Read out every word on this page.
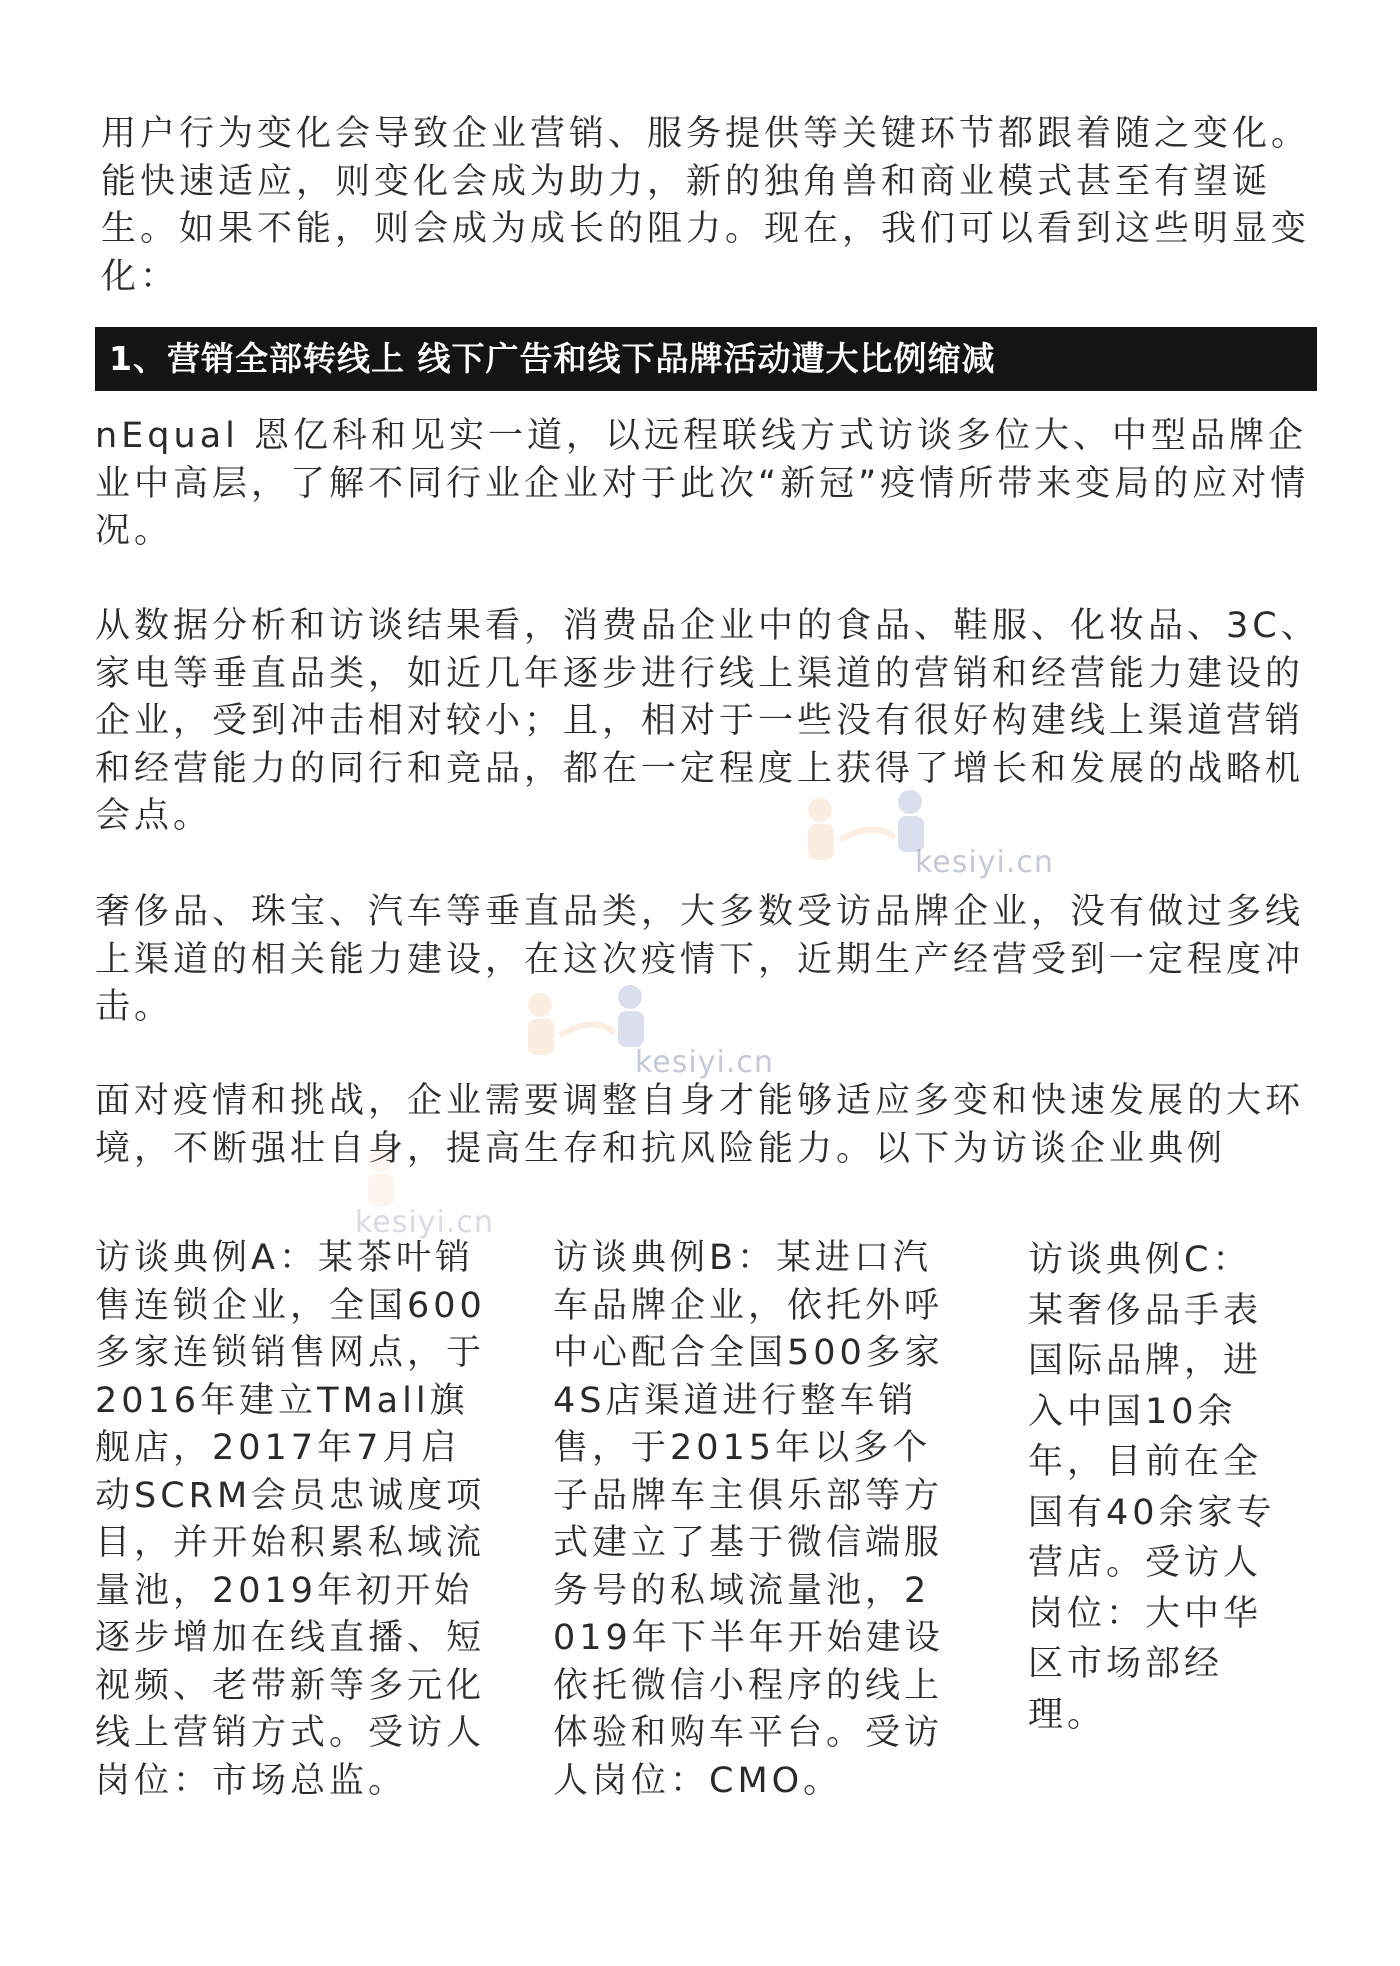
用户行为变化会导致企业营销、服务提供等关键环节都跟着随之变化。能快速适应，则变化会成为助力，新的独角兽和商业模式甚至有望诞生。如果不能，则会成为成长的阻力。现在，我们可以看到这些明显变化：

1、营销全部转线上 线下广告和线下品牌活动遭大比例缩减

nEqual 恩亿科和见实一道，以远程联线方式访谈多位大、中型品牌企业中高层，了解不同行业企业对于此次“新冠”疫情所带来变局的应对情况。

从数据分析和访谈结果看，消费品企业中的食品、鞋服、化妆品、3C、家电等垂直品类，如近几年逐步进行线上渠道的营销和经营能力建设的企业，受到冲击相对较小；且，相对于一些没有很好构建线上渠道营销和经营能力的同行和竞品，都在一定程度上获得了增长和发展的战略机会点。

奢侈品、珠宝、汽车等垂直品类，大多数受访品牌企业，没有做过多线上渠道的相关能力建设，在这次疫情下，近期生产经营受到一定程度冲击。

面对疫情和挑战，企业需要调整自身才能够适应多变和快速发展的大环境，不断强壮自身，提高生存和抗风险能力。以下为访谈企业典例

访谈典例A：某茶叶销售连锁企业，全国600多家连锁销售网点，于2016年建立TMall旗舰店，2017年7月启动SCRM会员忠诚度项目，并开始积累私域流量池，2019年初开始逐步增加在线直播、短视频、老带新等多元化线上营销方式。受访人岗位：市场总监。

访谈典例B：某进口汽车品牌企业，依托外呼中心配合全国500多家4S店渠道进行整车销售，于2015年以多个子品牌车主俱乐部等方式建立了基于微信端服务号的私域流量池，2019年下半年开始建设依托微信小程序的线上体验和购车平台。受访人岗位：CMO。

访谈典例C：某奢侈品手表国际品牌，进入中国10余年，目前在全国有40余家专营店。受访人岗位：大中华区市场部经理。

kesiyi.cn
kesiyi.cn
kesiyi.cn
